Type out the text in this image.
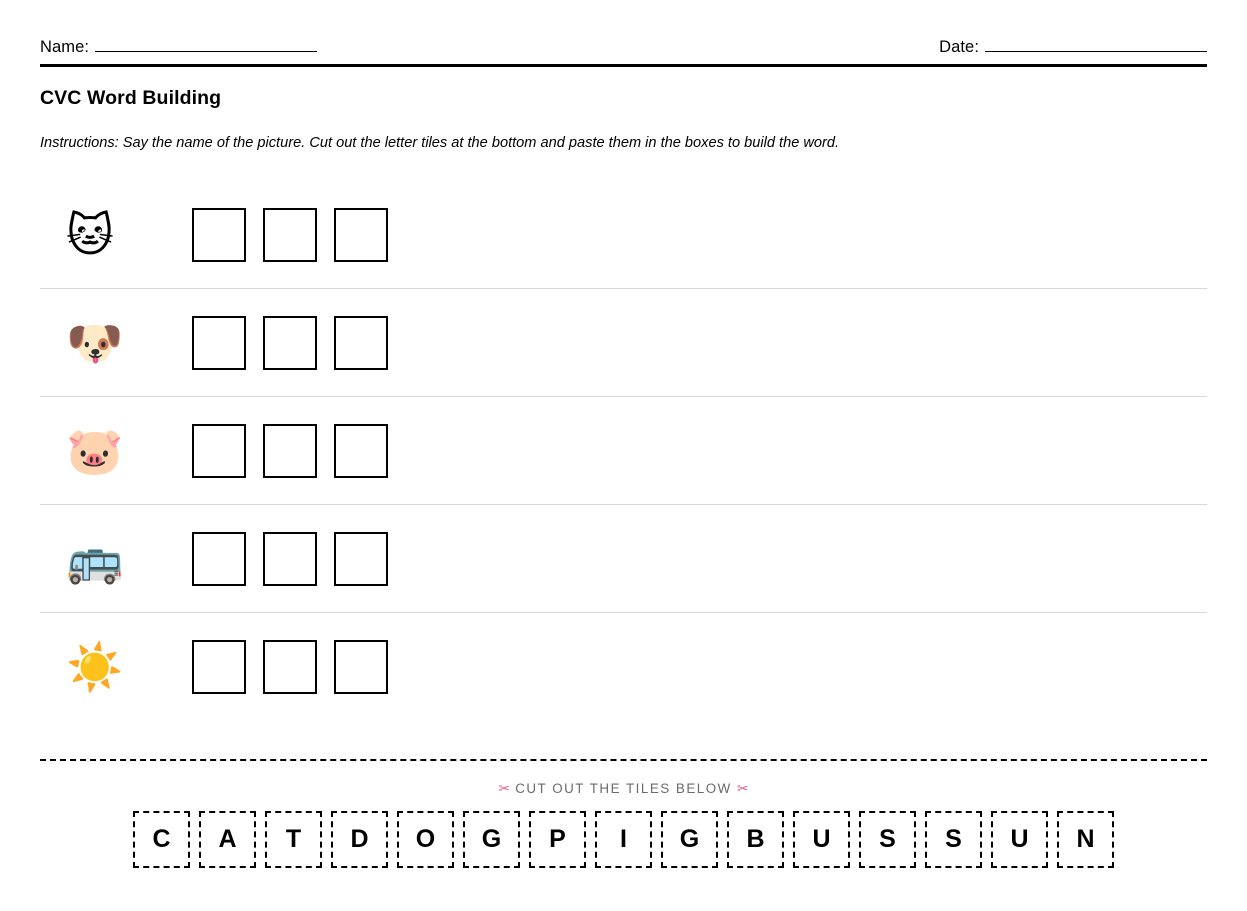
Name:	Date:
CVC Word Building

Instructions: Say the name of the picture. Cut out the letter tiles at the bottom and paste them in the boxes to build the word.

🐱
🐶
🐷
🚌
☀️

✂ CUT OUT THE TILES BELOW ✂

C	A	T	D	O	G	P	I	G	B	U	S	S	U	N
